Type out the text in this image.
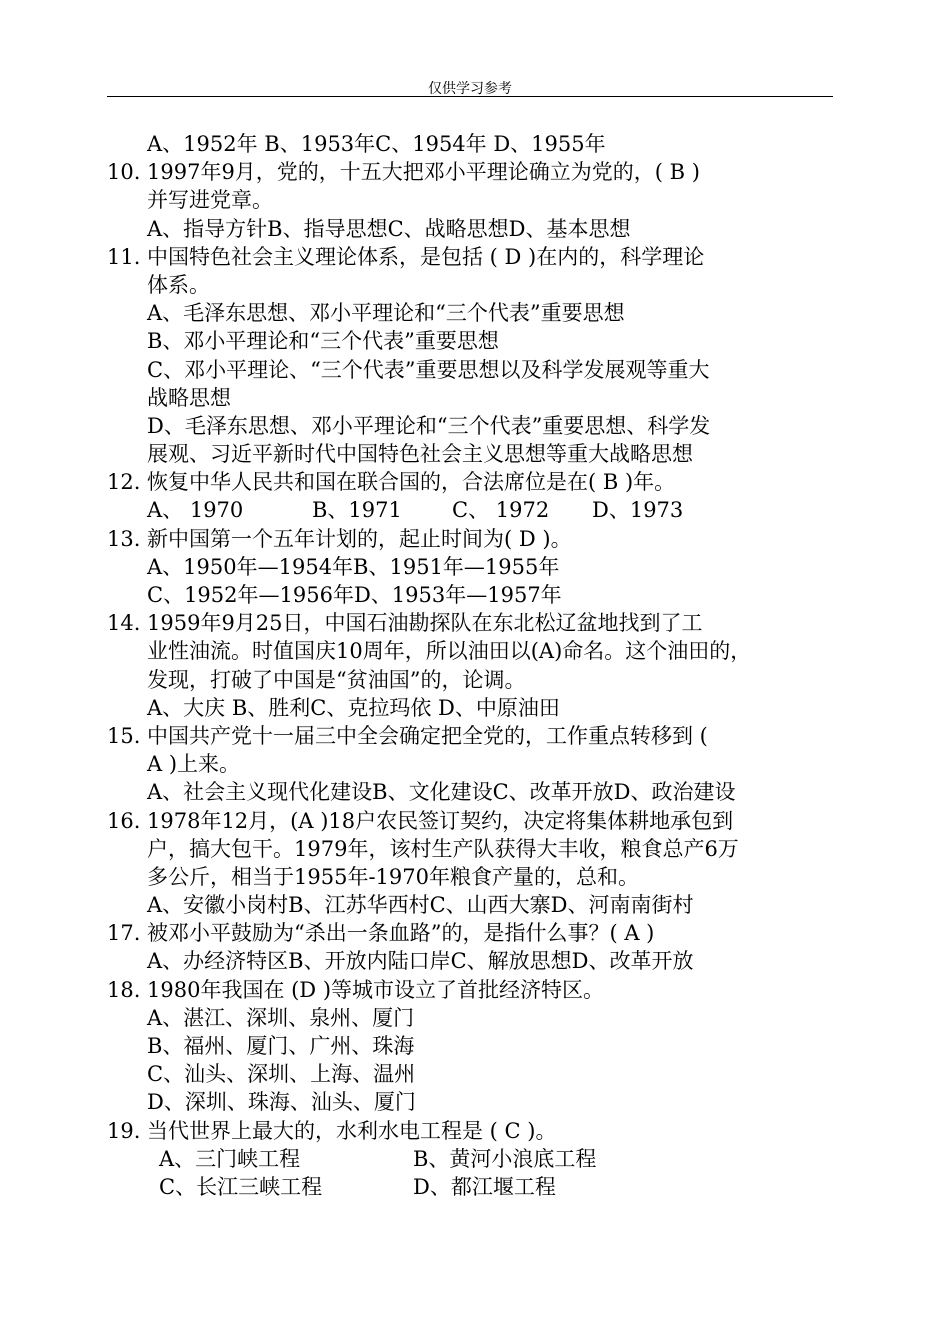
仅供学习参考
A、1952年 B、1953年C、1954年 D、1955年
10. 1997年9月，党的，十五大把邓小平理论确立为党的，( B )
并写进党章。
A、指导方针B、指导思想C、战略思想D、基本思想
11. 中国特色社会主义理论体系，是包括 ( D )在内的，科学理论
体系。
A、毛泽东思想、邓小平理论和“三个代表”重要思想
B、邓小平理论和“三个代表”重要思想
C、邓小平理论、“三个代表”重要思想以及科学发展观等重大
战略思想
D、毛泽东思想、邓小平理论和“三个代表”重要思想、科学发
展观、习近平新时代中国特色社会主义思想等重大战略思想
12. 恢复中华人民共和国在联合国的，合法席位是在( B )年。
A、 1970	B、1971 C、 1972 D、1973
13. 新中国第一个五年计划的，起止时间为( D )。
A、1950年—1954年B、1951年—1955年
C、1952年—1956年D、1953年—1957年
14. 1959年9月25日，中国石油勘探队在东北松辽盆地找到了工
业性油流。时值国庆10周年，所以油田以(A)命名。这个油田的，
发现，打破了中国是“贫油国”的，论调。
A、大庆 B、胜利C、克拉玛依 D、中原油田
15. 中国共产党十一届三中全会确定把全党的，工作重点转移到 (
A )上来。
A、社会主义现代化建设B、文化建设C、改革开放D、政治建设
16. 1978年12月，(A )18户农民签订契约，决定将集体耕地承包到
户，搞大包干。1979年，该村生产队获得大丰收，粮食总产6万
多公斤，相当于1955年-1970年粮食产量的，总和。
A、安徽小岗村B、江苏华西村C、山西大寨D、河南南街村
17. 被邓小平鼓励为“杀出一条血路”的，是指什么事？( A )
A、办经济特区B、开放内陆口岸C、解放思想D、改革开放
18. 1980年我国在 (D )等城市设立了首批经济特区。
A、湛江、深圳、泉州、厦门
B、福州、厦门、广州、珠海
C、汕头、深圳、上海、温州
D、深圳、珠海、汕头、厦门
19. 当代世界上最大的，水利水电工程是 ( C )。
A、三门峡工程	B、黄河小浪底工程
C、长江三峡工程	D、都江堰工程
